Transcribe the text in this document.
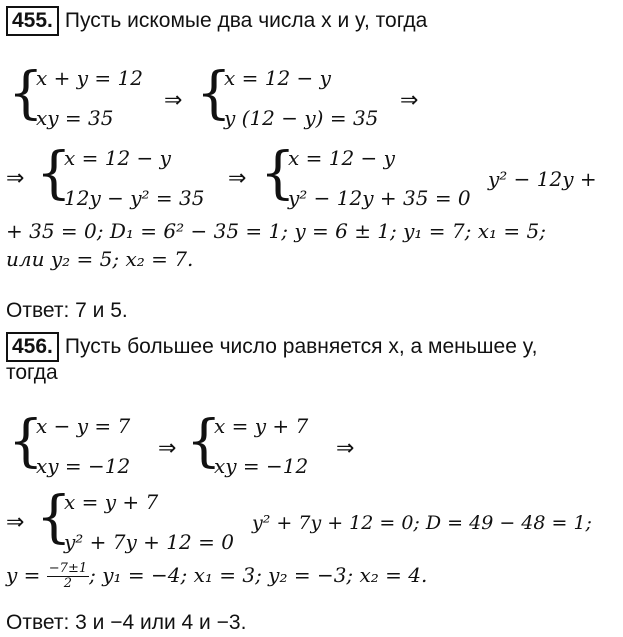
455. Пусть искомые два числа x и y, тогда
{
x + y = 12
xy = 35
⇒ {
x = 12 − y
y (12 − y) = 35
⇒
⇒ {
x = 12 − y
12y − y² = 35
⇒ {
x = 12 − y
y² − 12y + 35 = 0
y² − 12y +
+ 35 = 0; D₁ = 6² − 35 = 1; y = 6 ± 1; y₁ = 7; x₁ = 5;
или y₂ = 5; x₂ = 7.
Ответ: 7 и 5.
456. Пусть большее число равняется x, а меньшее y,
тогда
{
x − y = 7
xy = −12
⇒ {
x = y + 7
xy = −12
⇒
⇒ {
x = y + 7
y² + 7y + 12 = 0
y² + 7y + 12 = 0; D = 49 − 48 = 1;
$y = \frac{-7\pm 1}{2}$ ; y₁ = −4; x₁ = 3; y₂ = −3; x₂ = 4.
Ответ: 3 и −4 или 4 и −3.
